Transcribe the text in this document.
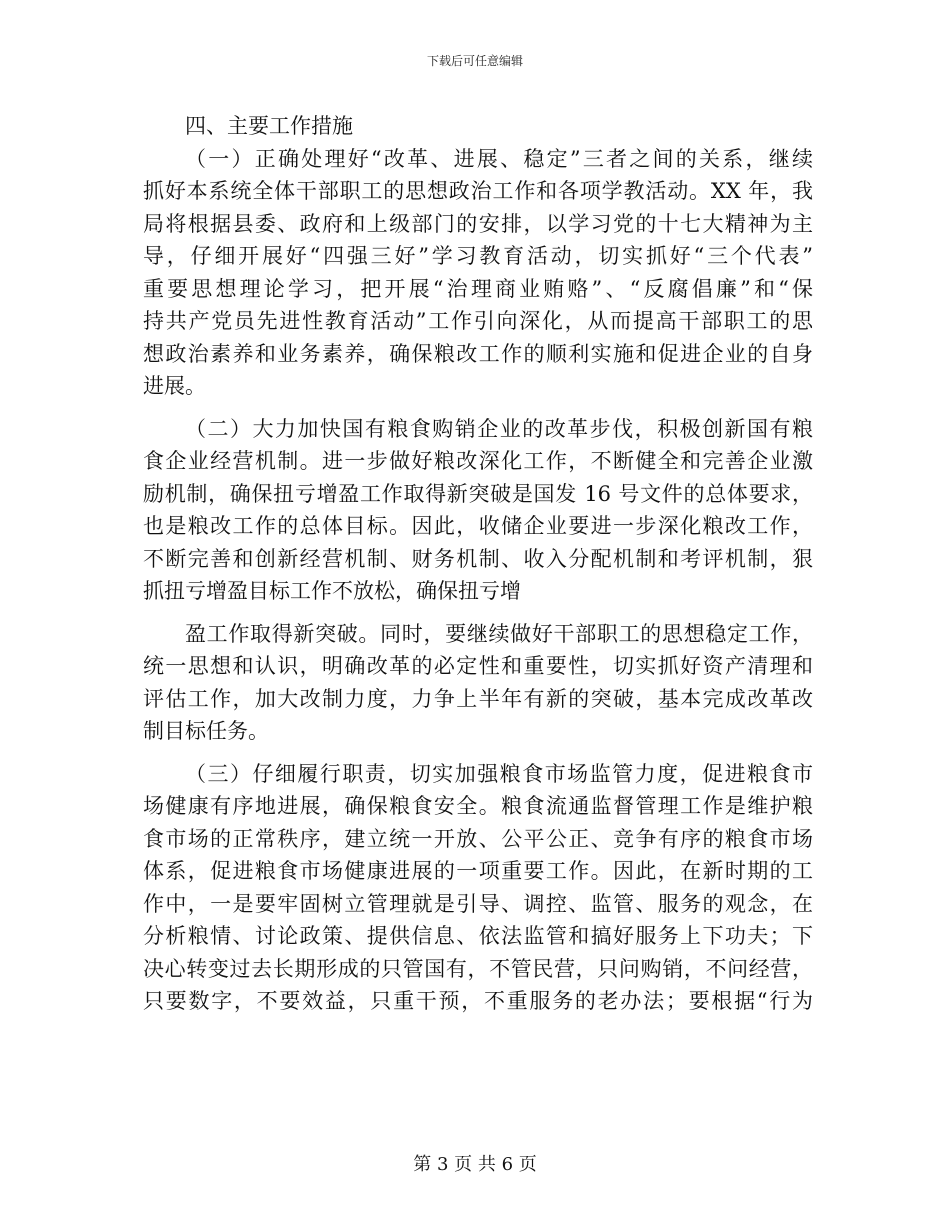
下载后可任意编辑
四、主要工作措施
（一）正确处理好“改革、进展、稳定”三者之间的关系，继续
抓好本系统全体干部职工的思想政治工作和各项学教活动。XX 年，我
局将根据县委、政府和上级部门的安排，以学习党的十七大精神为主
导，仔细开展好“四强三好”学习教育活动，切实抓好“三个代表”
重要思想理论学习，把开展“治理商业贿赂”、“反腐倡廉”和“保
持共产党员先进性教育活动”工作引向深化，从而提高干部职工的思
想政治素养和业务素养，确保粮改工作的顺利实施和促进企业的自身
进展。
（二）大力加快国有粮食购销企业的改革步伐，积极创新国有粮
食企业经营机制。进一步做好粮改深化工作，不断健全和完善企业激
励机制，确保扭亏增盈工作取得新突破是国发 16 号文件的总体要求，
也是粮改工作的总体目标。因此，收储企业要进一步深化粮改工作，
不断完善和创新经营机制、财务机制、收入分配机制和考评机制，狠
抓扭亏增盈目标工作不放松，确保扭亏增
盈工作取得新突破。同时，要继续做好干部职工的思想稳定工作，
统一思想和认识，明确改革的必定性和重要性，切实抓好资产清理和
评估工作，加大改制力度，力争上半年有新的突破，基本完成改革改
制目标任务。
（三）仔细履行职责，切实加强粮食市场监管力度，促进粮食市
场健康有序地进展，确保粮食安全。粮食流通监督管理工作是维护粮
食市场的正常秩序，建立统一开放、公平公正、竞争有序的粮食市场
体系，促进粮食市场健康进展的一项重要工作。因此，在新时期的工
作中，一是要牢固树立管理就是引导、调控、监管、服务的观念，在
分析粮情、讨论政策、提供信息、依法监管和搞好服务上下功夫；下
决心转变过去长期形成的只管国有，不管民营，只问购销，不问经营，
只要数字，不要效益，只重干预，不重服务的老办法；要根据“行为
第 3 页 共 6 页
